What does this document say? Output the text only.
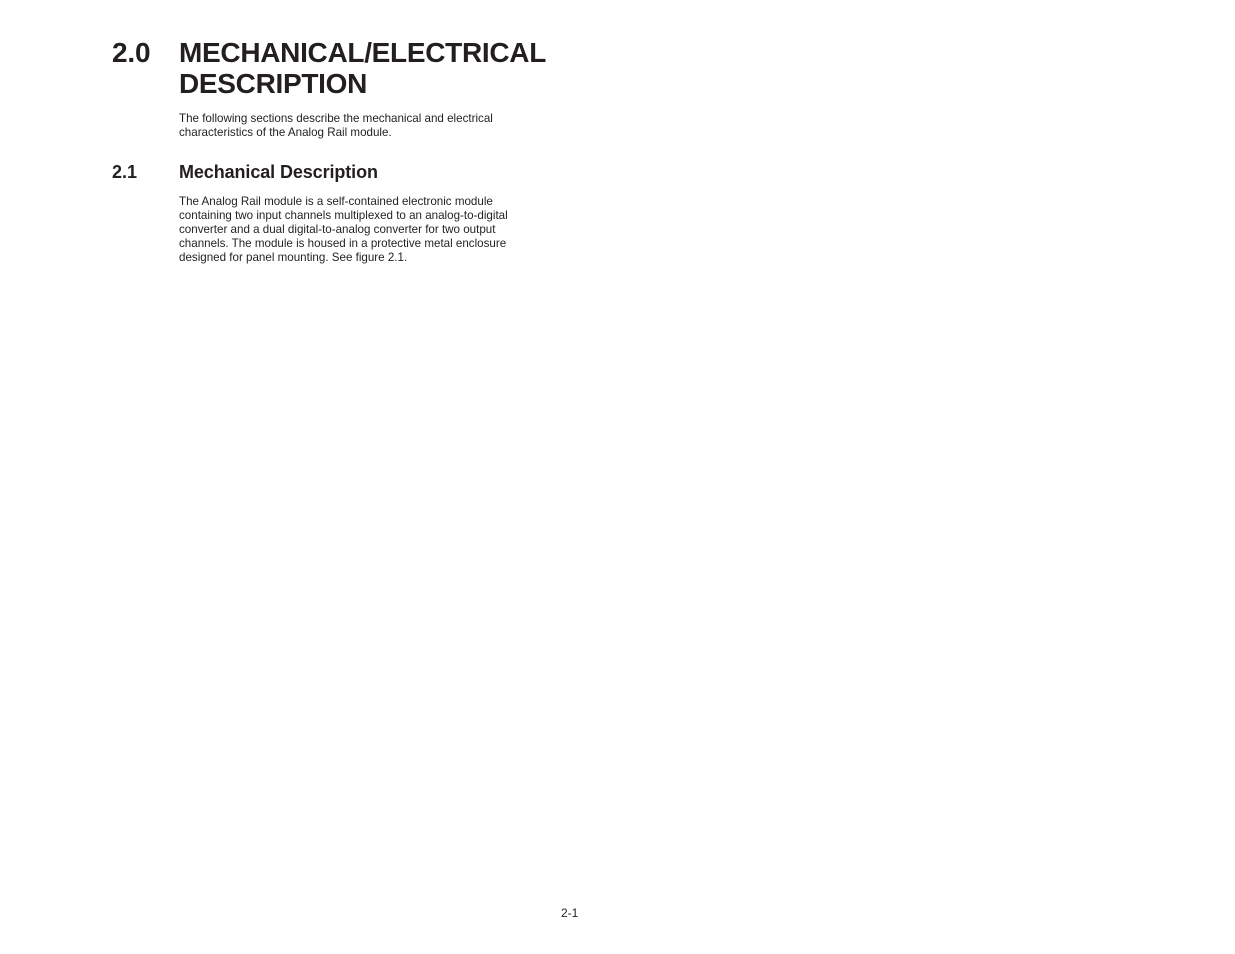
2.0	MECHANICAL/ELECTRICAL
DESCRIPTION
The following sections describe the mechanical and electrical
characteristics of the Analog Rail module.
2.1	Mechanical Description
The Analog Rail module is a self-contained electronic module
containing two input channels multiplexed to an analog-to-digital
converter and a dual digital-to-analog converter for two output
channels. The module is housed in a protective metal enclosure
designed for panel mounting. See figure 2.1.
2-1
